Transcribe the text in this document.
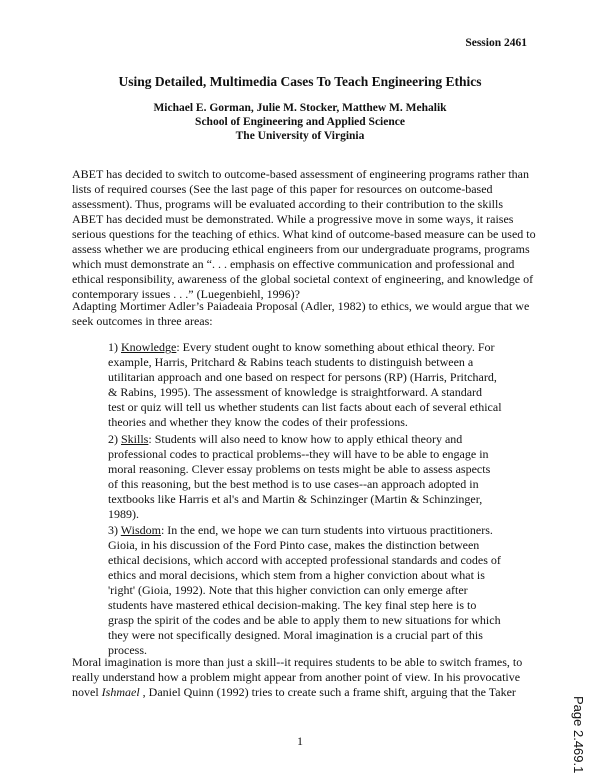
Session 2461
Using Detailed, Multimedia Cases To Teach Engineering Ethics
Michael E. Gorman, Julie M. Stocker, Matthew M. Mehalik
School of Engineering and Applied Science
The University of Virginia
ABET has decided to switch to outcome-based assessment of engineering programs rather than
lists of required courses (See the last page of this paper for resources on outcome-based
assessment). Thus, programs will be evaluated according to their contribution to the skills
ABET has decided must be demonstrated. While a progressive move in some ways, it raises
serious questions for the teaching of ethics. What kind of outcome-based measure can be used to
assess whether we are producing ethical engineers from our undergraduate programs, programs
which must demonstrate an “. . . emphasis on effective communication and professional and
ethical responsibility, awareness of the global societal context of engineering, and knowledge of
contemporary issues . . .” (Luegenbiehl, 1996)?
Adapting Mortimer Adler’s Paiadeaia Proposal (Adler, 1982) to ethics, we would argue that we
seek outcomes in three areas:
1) Knowledge: Every student ought to know something about ethical theory. For
example, Harris, Pritchard & Rabins teach students to distinguish between a
utilitarian approach and one based on respect for persons (RP) (Harris, Pritchard,
& Rabins, 1995). The assessment of knowledge is straightforward. A standard
test or quiz will tell us whether students can list facts about each of several ethical
theories and whether they know the codes of their professions.
2) Skills: Students will also need to know how to apply ethical theory and
professional codes to practical problems--they will have to be able to engage in
moral reasoning. Clever essay problems on tests might be able to assess aspects
of this reasoning, but the best method is to use cases--an approach adopted in
textbooks like Harris et al's and Martin & Schinzinger (Martin & Schinzinger,
1989).
3) Wisdom: In the end, we hope we can turn students into virtuous practitioners.
Gioia, in his discussion of the Ford Pinto case, makes the distinction between
ethical decisions, which accord with accepted professional standards and codes of
ethics and moral decisions, which stem from a higher conviction about what is
'right' (Gioia, 1992). Note that this higher conviction can only emerge after
students have mastered ethical decision-making. The key final step here is to
grasp the spirit of the codes and be able to apply them to new situations for which
they were not specifically designed. Moral imagination is a crucial part of this
process.
Moral imagination is more than just a skill--it requires students to be able to switch frames, to
really understand how a problem might appear from another point of view. In his provocative
novel Ishmael , Daniel Quinn (1992) tries to create such a frame shift, arguing that the Taker
1	Page 2.469.1
